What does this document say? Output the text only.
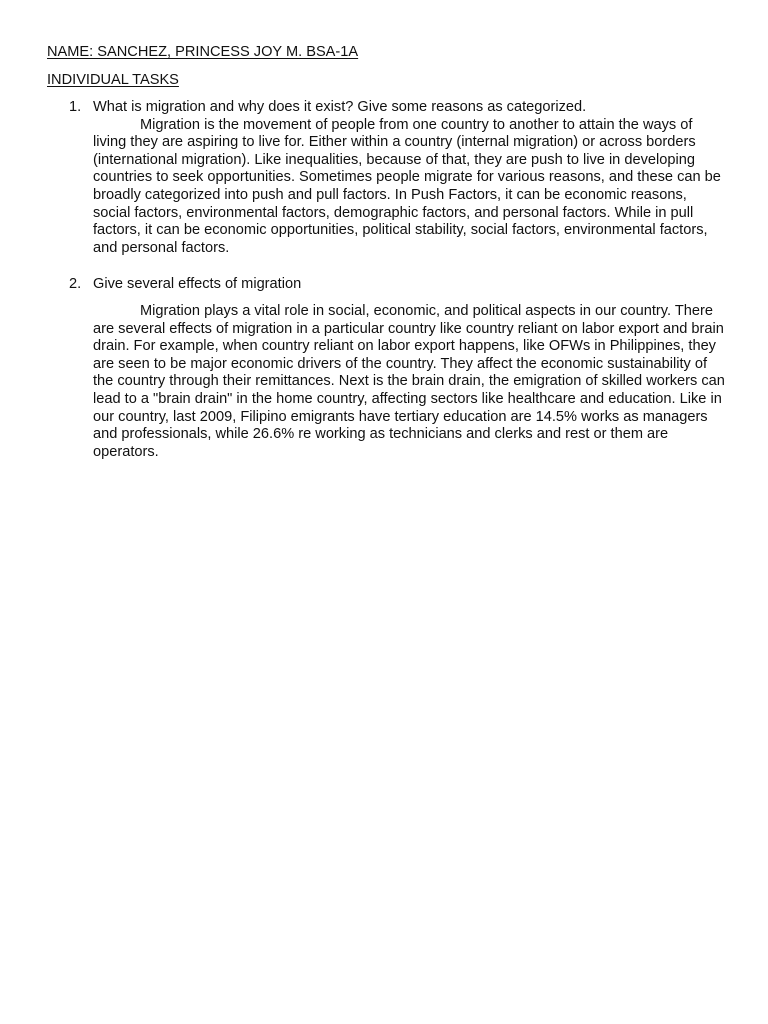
NAME: SANCHEZ, PRINCESS JOY M. BSA-1A
INDIVIDUAL TASKS
1. What is migration and why does it exist? Give some reasons as categorized.

Migration is the movement of people from one country to another to attain the ways of living they are aspiring to live for. Either within a country (internal migration) or across borders (international migration). Like inequalities, because of that, they are push to live in developing countries to seek opportunities. Sometimes people migrate for various reasons, and these can be broadly categorized into push and pull factors. In Push Factors, it can be economic reasons, social factors, environmental factors, demographic factors, and personal factors. While in pull factors, it can be economic opportunities, political stability, social factors, environmental factors, and personal factors.

2. Give several effects of migration

Migration plays a vital role in social, economic, and political aspects in our country. There are several effects of migration in a particular country like country reliant on labor export and brain drain. For example, when country reliant on labor export happens, like OFWs in Philippines, they are seen to be major economic drivers of the country. They affect the economic sustainability of the country through their remittances. Next is the brain drain, the emigration of skilled workers can lead to a "brain drain" in the home country, affecting sectors like healthcare and education. Like in our country, last 2009, Filipino emigrants have tertiary education are 14.5% works as managers and professionals, while 26.6% re working as technicians and clerks and rest or them are operators.
